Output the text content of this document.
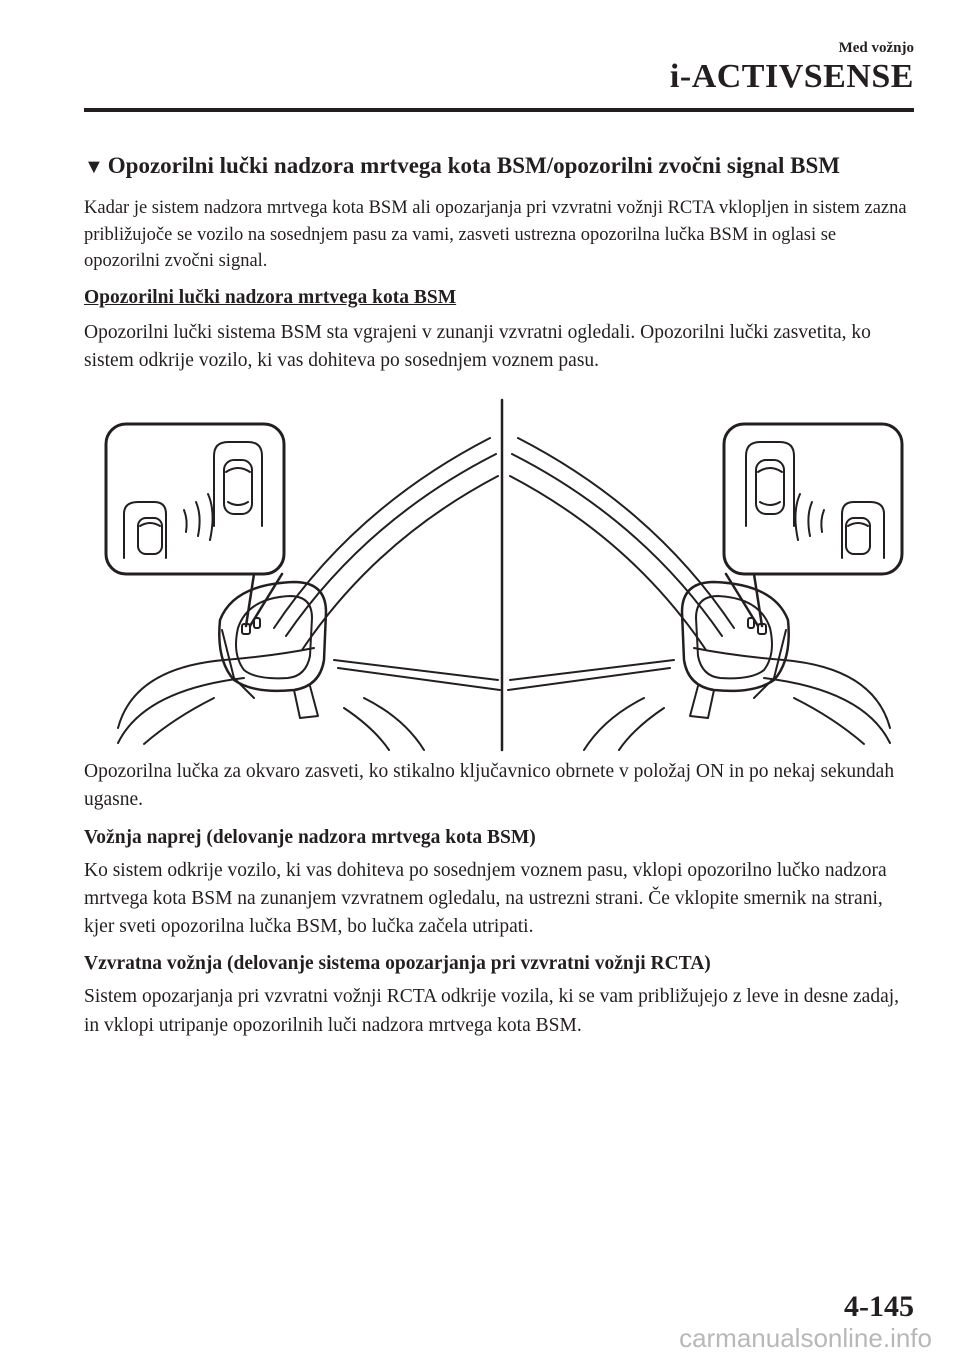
Med vožnjo
i-ACTIVSENSE
▼ Opozorilni lučki nadzora mrtvega kota BSM/opozorilni zvočni signal BSM

Kadar je sistem nadzora mrtvega kota BSM ali opozarjanja pri vzvratni vožnji RCTA vklopljen in sistem zazna približujoče se vozilo na sosednjem pasu za vami, zasveti ustrezna opozorilna lučka BSM in oglasi se opozorilni zvočni signal.

Opozorilni lučki nadzora mrtvega kota BSM

Opozorilni lučki sistema BSM sta vgrajeni v zunanji vzvratni ogledali. Opozorilni lučki zasvetita, ko sistem odkrije vozilo, ki vas dohiteva po sosednjem voznem pasu.

Opozorilna lučka za okvaro zasveti, ko stikalno ključavnico obrnete v položaj ON in po nekaj sekundah ugasne.

Vožnja naprej (delovanje nadzora mrtvega kota BSM)

Ko sistem odkrije vozilo, ki vas dohiteva po sosednjem voznem pasu, vklopi opozorilno lučko nadzora mrtvega kota BSM na zunanjem vzvratnem ogledalu, na ustrezni strani. Če vklopite smernik na strani, kjer sveti opozorilna lučka BSM, bo lučka začela utripati.

Vzvratna vožnja (delovanje sistema opozarjanja pri vzvratni vožnji RCTA)

Sistem opozarjanja pri vzvratni vožnji RCTA odkrije vozila, ki se vam približujejo z leve in desne zadaj, in vklopi utripanje opozorilnih luči nadzora mrtvega kota BSM.

4-145
carmanualsonline.info
